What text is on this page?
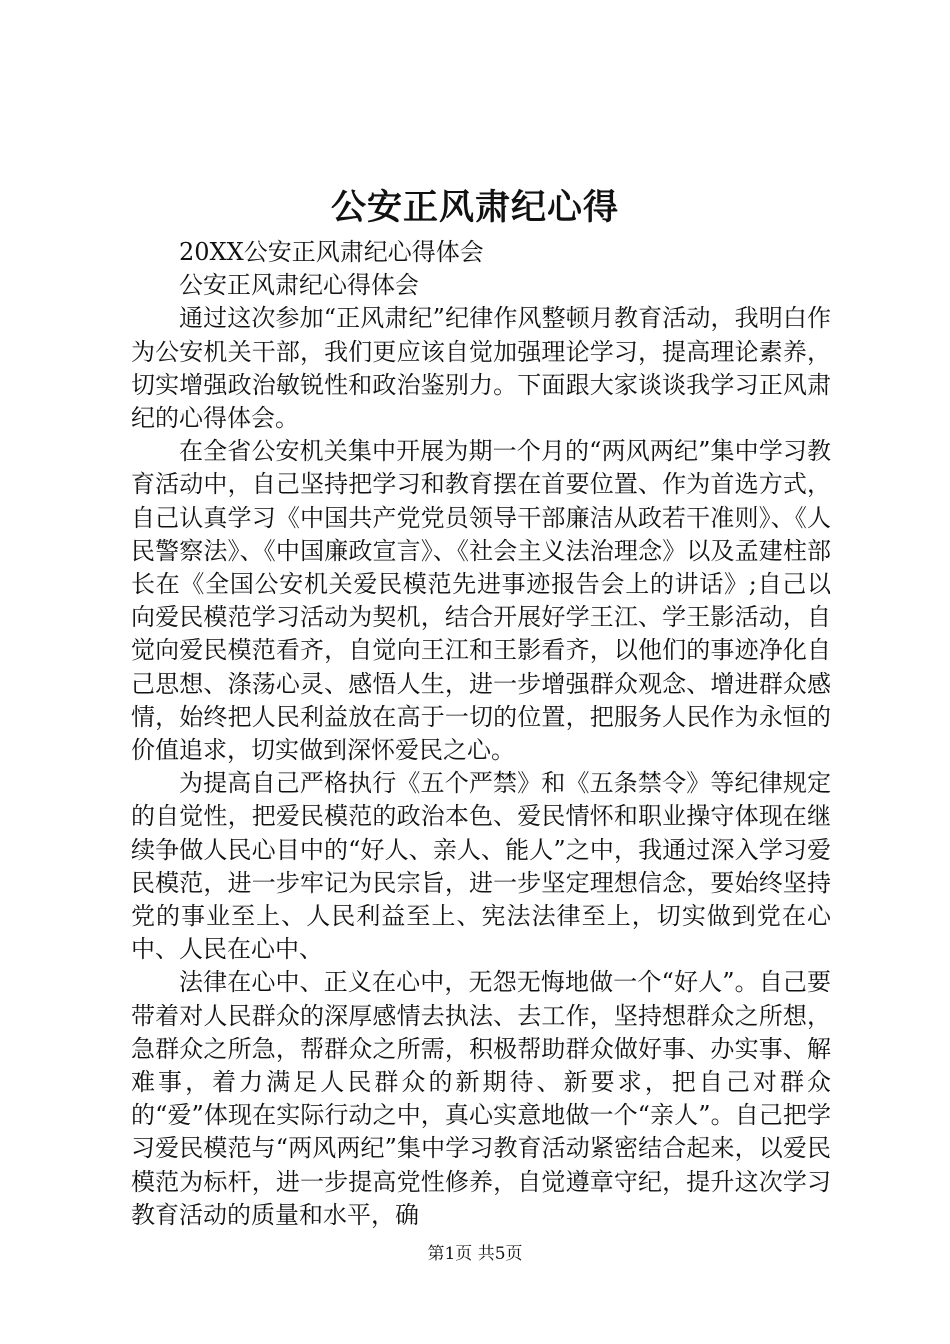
公安正风肃纪心得

20XX公安正风肃纪心得体会

公安正风肃纪心得体会

通过这次参加“正风肃纪”纪律作风整顿月教育活动，我明白作为公安机关干部，我们更应该自觉加强理论学习，提高理论素养，切实增强政治敏锐性和政治鉴别力。下面跟大家谈谈我学习正风肃纪的心得体会。

在全省公安机关集中开展为期一个月的“两风两纪”集中学习教育活动中，自己坚持把学习和教育摆在首要位置、作为首选方式，自己认真学习《中国共产党党员领导干部廉洁从政若干准则》、《人民警察法》、《中国廉政宣言》、《社会主义法治理念》以及孟建柱部长在《全国公安机关爱民模范先进事迹报告会上的讲话》;自己以向爱民模范学习活动为契机，结合开展好学王江、学王影活动，自觉向爱民模范看齐，自觉向王江和王影看齐，以他们的事迹净化自己思想、涤荡心灵、感悟人生，进一步增强群众观念、增进群众感情，始终把人民利益放在高于一切的位置，把服务人民作为永恒的价值追求，切实做到深怀爱民之心。

为提高自己严格执行《五个严禁》和《五条禁令》等纪律规定的自觉性，把爱民模范的政治本色、爱民情怀和职业操守体现在继续争做人民心目中的“好人、亲人、能人”之中，我通过深入学习爱民模范，进一步牢记为民宗旨，进一步坚定理想信念，要始终坚持党的事业至上、人民利益至上、宪法法律至上，切实做到党在心中、人民在心中、

法律在心中、正义在心中，无怨无悔地做一个“好人”。自己要带着对人民群众的深厚感情去执法、去工作，坚持想群众之所想，急群众之所急，帮群众之所需，积极帮助群众做好事、办实事、解难事，着力满足人民群众的新期待、新要求，把自己对群众的“爱”体现在实际行动之中，真心实意地做一个“亲人”。自己把学习爱民模范与“两风两纪”集中学习教育活动紧密结合起来，以爱民模范为标杆，进一步提高党性修养，自觉遵章守纪，提升这次学习教育活动的质量和水平，确

第1页 共5页
